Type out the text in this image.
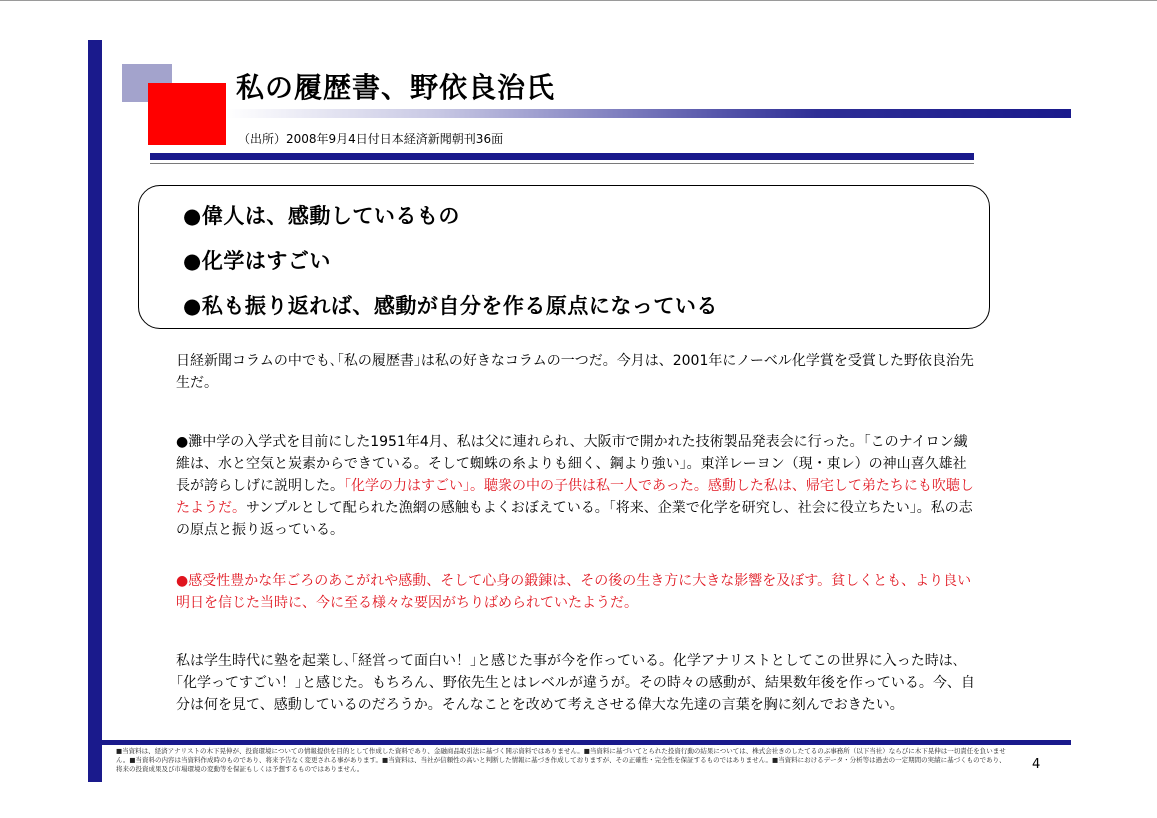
私の履歴書、野依良治氏
（出所）2008年9月4日付日本経済新聞朝刊36面
●偉人は、感動しているもの
●化学はすごい
●私も振り返れば、感動が自分を作る原点になっている
日経新聞コラムの中でも､｢私の履歴書｣は私の好きなコラムの一つだ。今月は、2001年にノーベル化学賞を受賞した野依良治先生だ。
●灘中学の入学式を目前にした1951年4月、私は父に連れられ、大阪市で開かれた技術製品発表会に行った。｢このナイロン繊維は、水と空気と炭素からできている。そして蜘蛛の糸よりも細く、鋼より強い｣。東洋レーヨン（現・東レ）の神山喜久雄社長が誇らしげに説明した。｢化学の力はすごい｣。聴衆の中の子供は私一人であった。感動した私は、帰宅して弟たちにも吹聴したようだ。サンプルとして配られた漁網の感触もよくおぼえている。｢将来、企業で化学を研究し、社会に役立ちたい｣。私の志の原点と振り返っている。
●感受性豊かな年ごろのあこがれや感動、そして心身の鍛錬は、その後の生き方に大きな影響を及ぼす。貧しくとも、より良い明日を信じた当時に、今に至る様々な要因がちりばめられていたようだ。
私は学生時代に塾を起業し､｢経営って面白い！｣と感じた事が今を作っている。化学アナリストとしてこの世界に入った時は､｢化学ってすごい！｣と感じた。もちろん、野依先生とはレベルが違うが。その時々の感動が、結果数年後を作っている。今、自分は何を見て、感動しているのだろうか。そんなことを改めて考えさせる偉大な先達の言葉を胸に刻んでおきたい。
■当資料は、経済アナリストの木下晃伸が、投資環境についての情報提供を目的として作成した資料であり、金融商品取引法に基づく開示資料ではありません。■当資料に基づいてとられた投資行動の結果については、株式会社きのしたてるのぶ事務所（以下当社）ならびに木下晃伸は一切責任を負いません。■当資料の内容は当資料作成時のものであり、将来予告なく変更される事があります。■当資料は、当社が信頼性の高いと判断した情報に基づき作成しておりますが、その正確性・完全性を保証するものではありません。■当資料におけるデータ・分析等は過去の一定期間の実績に基づくものであり、将来の投資成果及び市場環境の変動等を保証もしくは予想するものではありません。	4
